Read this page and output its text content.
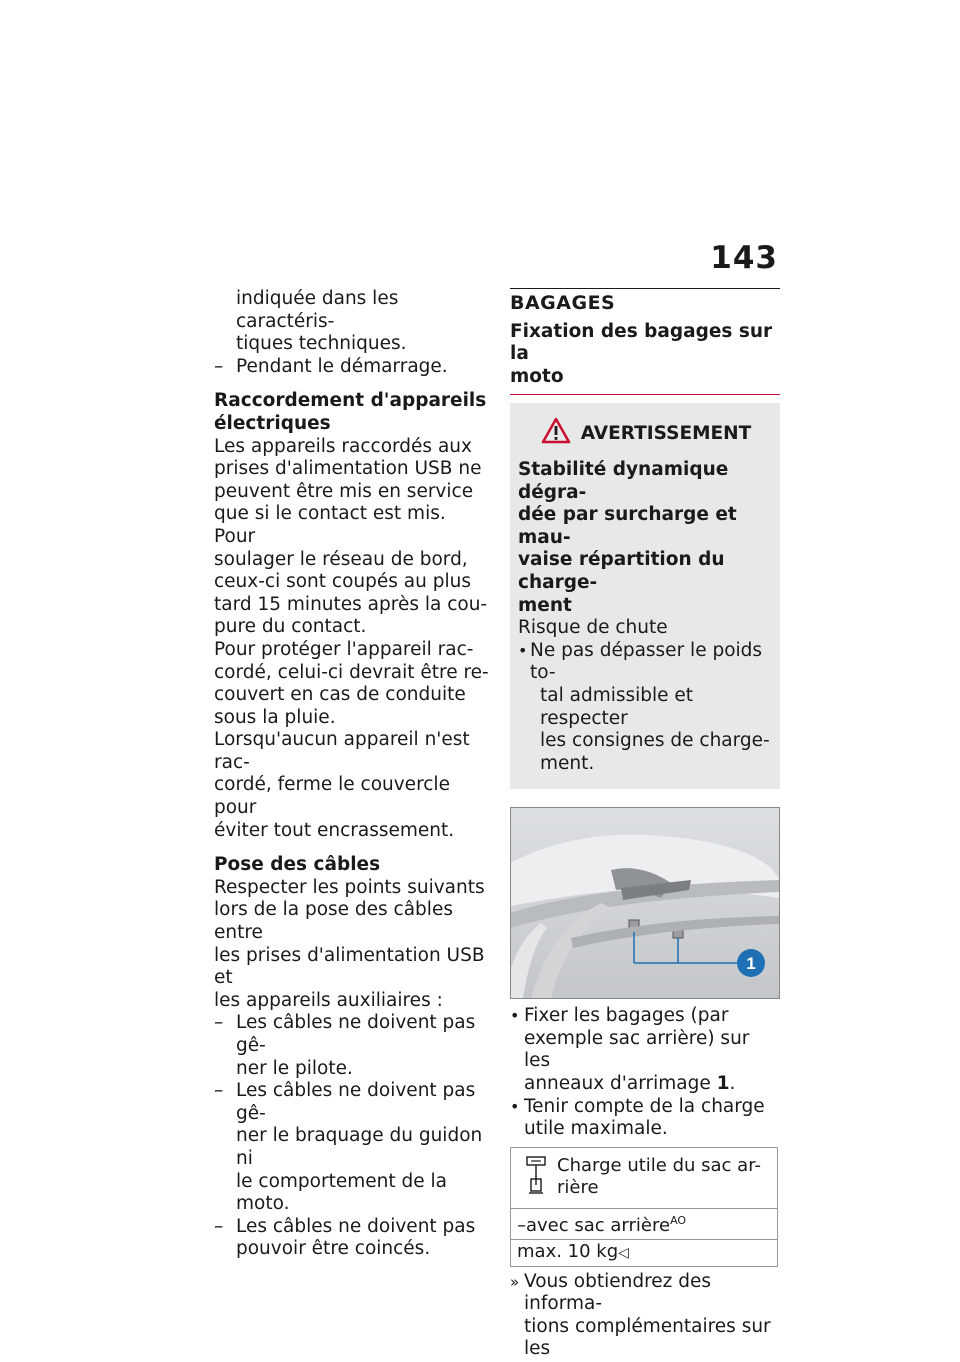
143
indiquée dans les caractéris-
tiques techniques.
– Pendant le démarrage.
Raccordement d'appareils
électriques
Les appareils raccordés aux
prises d'alimentation USB ne
peuvent être mis en service
que si le contact est mis. Pour
soulager le réseau de bord,
ceux-ci sont coupés au plus
tard 15 minutes après la cou-
pure du contact.
Pour protéger l'appareil rac-
cordé, celui-ci devrait être re-
couvert en cas de conduite
sous la pluie.
Lorsqu'aucun appareil n'est rac-
cordé, ferme le couvercle pour
éviter tout encrassement.
Pose des câbles
Respecter les points suivants
lors de la pose des câbles entre
les prises d'alimentation USB et
les appareils auxiliaires :
– Les câbles ne doivent pas gê-
ner le pilote.
– Les câbles ne doivent pas gê-
ner le braquage du guidon ni
le comportement de la moto.
– Les câbles ne doivent pas
pouvoir être coincés.
BAGAGES
Fixation des bagages sur la
moto
AVERTISSEMENT
Stabilité dynamique dégra-
dée par surcharge et mau-
vaise répartition du charge-
ment
Risque de chute
• Ne pas dépasser le poids to-
tal admissible et respecter
les consignes de charge-
ment.
1
• Fixer les bagages (par
exemple sac arrière) sur les
anneaux d'arrimage 1.
• Tenir compte de la charge
utile maximale.
Charge utile du sac ar-
rière

–avec sac arrière$^{AO}$
max. 10 kg◁
» Vous obtiendrez des informa-
tions complémentaires sur les
